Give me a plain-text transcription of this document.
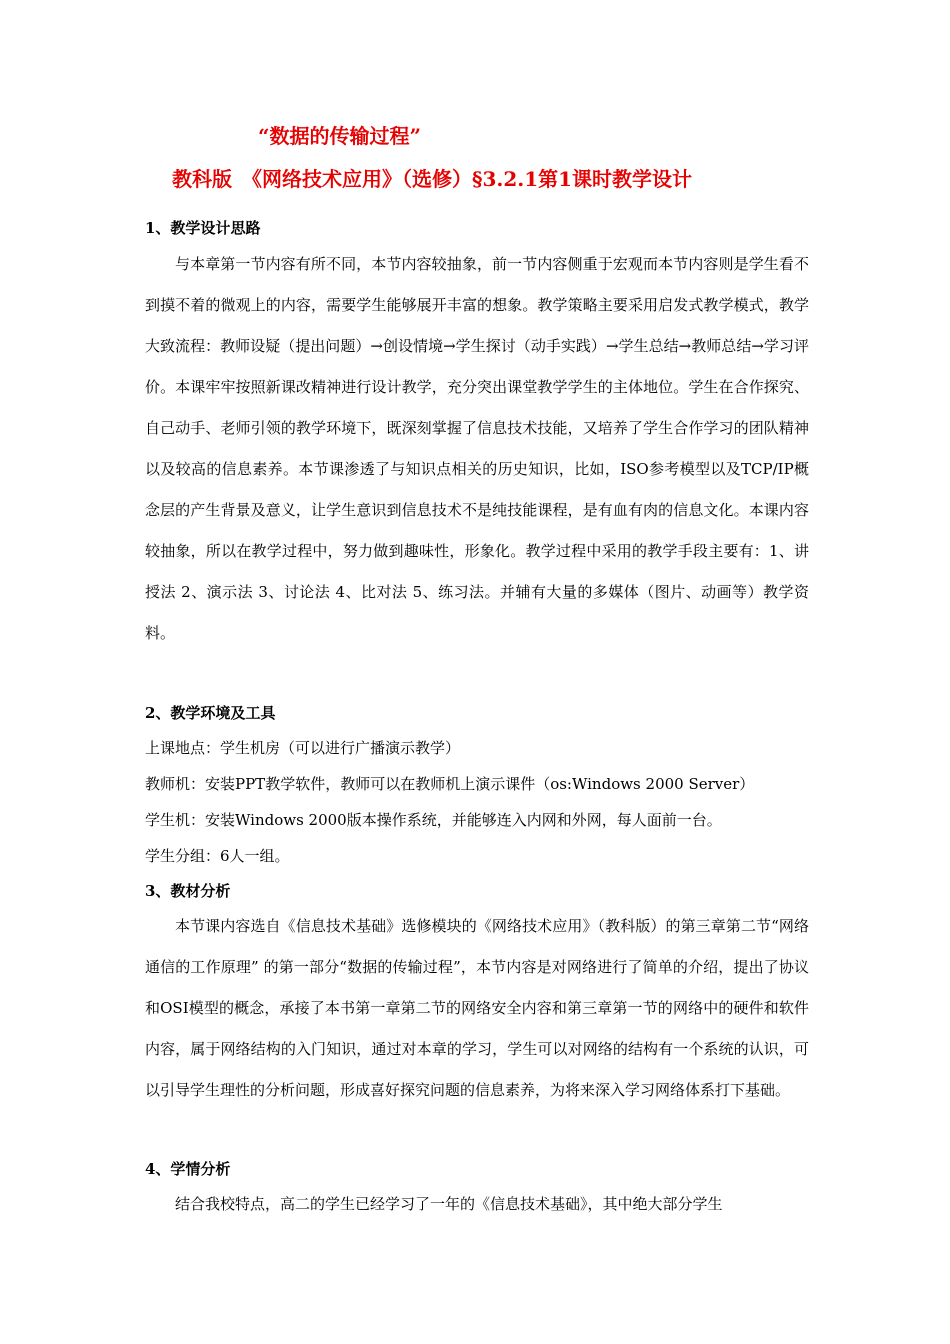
“数据的传输过程”
教科版　《网络技术应用》（选修）§3.2.1第1课时教学设计
1、教学设计思路
与本章第一节内容有所不同，本节内容较抽象，前一节内容侧重于宏观而本节内容则是学生看不到摸不着的微观上的内容，需要学生能够展开丰富的想象。教学策略主要采用启发式教学模式，教学大致流程：教师设疑（提出问题）→创设情境→学生探讨（动手实践）→学生总结→教师总结→学习评价。本课牢牢按照新课改精神进行设计教学，充分突出课堂教学学生的主体地位。学生在合作探究、自己动手、老师引领的教学环境下，既深刻掌握了信息技术技能，又培养了学生合作学习的团队精神以及较高的信息素养。本节课渗透了与知识点相关的历史知识，比如，ISO参考模型以及TCP/IP概念层的产生背景及意义，让学生意识到信息技术不是纯技能课程，是有血有肉的信息文化。本课内容较抽象，所以在教学过程中，努力做到趣味性，形象化。教学过程中采用的教学手段主要有：1、讲授法 2、演示法 3、讨论法 4、比对法 5、练习法。并辅有大量的多媒体（图片、动画等）教学资料。
2、教学环境及工具
上课地点：学生机房（可以进行广播演示教学）
教师机：安装PPT教学软件，教师可以在教师机上演示课件（os:Windows 2000 Server）
学生机：安装Windows 2000版本操作系统，并能够连入内网和外网，每人面前一台。
学生分组：6人一组。
3、教材分析
本节课内容选自《信息技术基础》选修模块的《网络技术应用》（教科版）的第三章第二节“网络通信的工作原理” 的第一部分“数据的传输过程”，本节内容是对网络进行了简单的介绍，提出了协议和OSI模型的概念，承接了本书第一章第二节的网络安全内容和第三章第一节的网络中的硬件和软件内容，属于网络结构的入门知识，通过对本章的学习，学生可以对网络的结构有一个系统的认识，可以引导学生理性的分析问题，形成喜好探究问题的信息素养，为将来深入学习网络体系打下基础。
4、学情分析
结合我校特点，高二的学生已经学习了一年的《信息技术基础》，其中绝大部分学生
